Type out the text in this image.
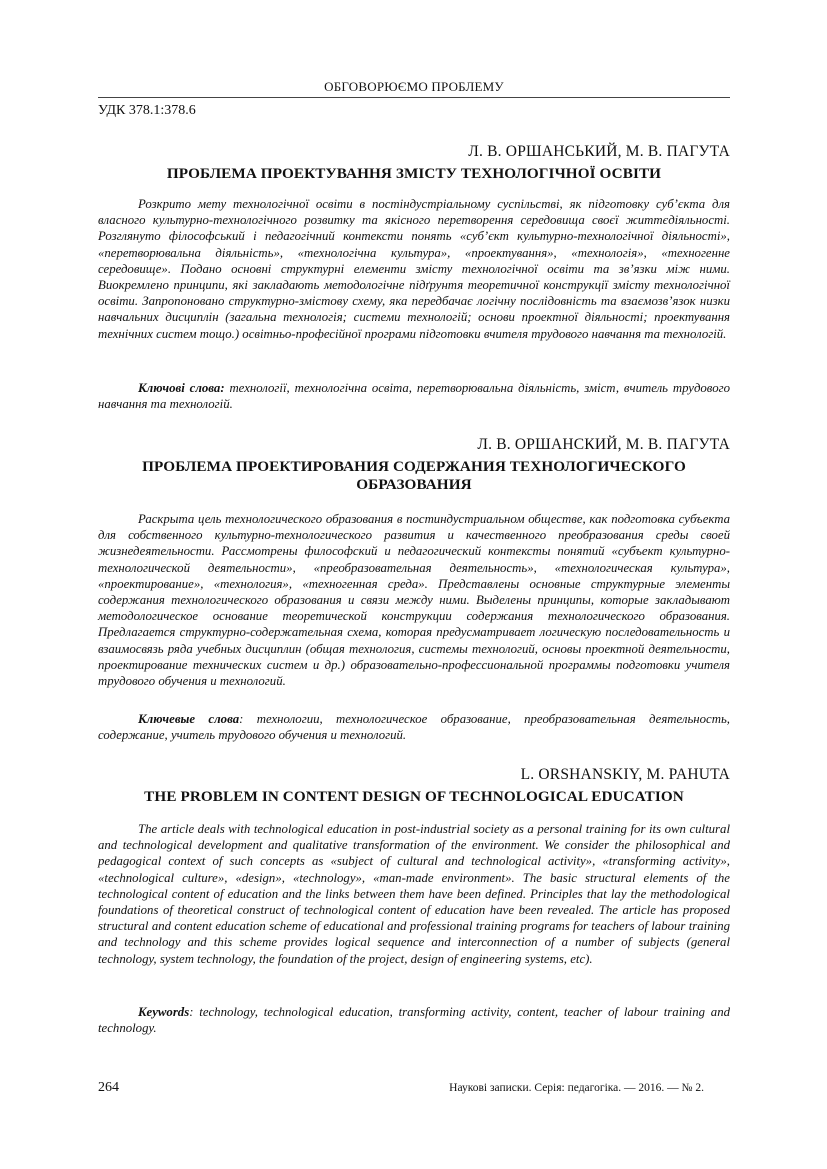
ОБГОВОРЮЄМО ПРОБЛЕМУ
УДК 378.1:378.6

Л. В. ОРШАНСЬКИЙ, М. В. ПАГУТА

ПРОБЛЕМА ПРОЕКТУВАННЯ ЗМІСТУ ТЕХНОЛОГІЧНОЇ ОСВІТИ

Розкрито мету технологічної освіти в постіндустріальному суспільстві, як підготовку суб’єкта для власного культурно-технологічного розвитку та якісного перетворення середовища своєї життєдіяльності. Розглянуто філософський і педагогічний контексти понять «суб’єкт культурно-технологічної діяльності», «перетворювальна діяльність», «технологічна культура», «проектування», «технологія», «техногенне середовище». Подано основні структурні елементи змісту технологічної освіти та зв’язки між ними. Виокремлено принципи, які закладають методологічне підґрунтя теоретичної конструкції змісту технологічної освіти. Запропоновано структурно-змістову схему, яка передбачає логічну послідовність та взаємозв’язок низки навчальних дисциплін (загальна технологія; системи технологій; основи проектної діяльності; проектування технічних систем тощо.) освітньо-професійної програми підготовки вчителя трудового навчання та технологій.

Ключові слова: технології, технологічна освіта, перетворювальна діяльність, зміст, вчитель трудового навчання та технологій.

Л. В. ОРШАНСКИЙ, М. В. ПАГУТА

ПРОБЛЕМА ПРОЕКТИРОВАНИЯ СОДЕРЖАНИЯ ТЕХНОЛОГИЧЕСКОГО ОБРАЗОВАНИЯ

Раскрыта цель технологического образования в постиндустриальном обществе, как подготовка субъекта для собственного культурно-технологического развития и качественного преобразования среды своей жизнедеятельности. Рассмотрены философский и педагогический контексты понятий «субъект культурно-технологической деятельности», «преобразовательная деятельность», «технологическая культура», «проектирование», «технология», «техногенная среда». Представлены основные структурные элементы содержания технологического образования и связи между ними. Выделены принципы, которые закладывают методологическое основание теоретической конструкции содержания технологического образования. Предлагается структурно-содержательная схема, которая предусматривает логическую последовательность и взаимосвязь ряда учебных дисциплин (общая технология, системы технологий, основы проектной деятельности, проектирование технических систем и др.) образовательно-профессиональной программы подготовки учителя трудового обучения и технологий.

Ключевые слова: технологии, технологическое образование, преобразовательная деятельность, содержание, учитель трудового обучения и технологий.

L. ORSHANSKIY, M. PAHUTA

THE PROBLEM IN CONTENT DESIGN OF TECHNOLOGICAL EDUCATION

The article deals with technological education in post-industrial society as a personal training for its own cultural and technological development and qualitative transformation of the environment. We consider the philosophical and pedagogical context of such concepts as «subject of cultural and technological activity», «transforming activity», «technological culture», «design», «technology», «man-made environment». The basic structural elements of the technological content of education and the links between them have been defined. Principles that lay the methodological foundations of theoretical construct of technological content of education have been revealed. The article has proposed structural and content education scheme of educational and professional training programs for teachers of labour training and technology and this scheme provides logical sequence and interconnection of a number of subjects (general technology, system technology, the foundation of the project, design of engineering systems, etc).

Keywords: technology, technological education, transforming activity, content, teacher of labour training and technology.

264	Наукові записки. Серія: педагогіка. — 2016. — № 2.
